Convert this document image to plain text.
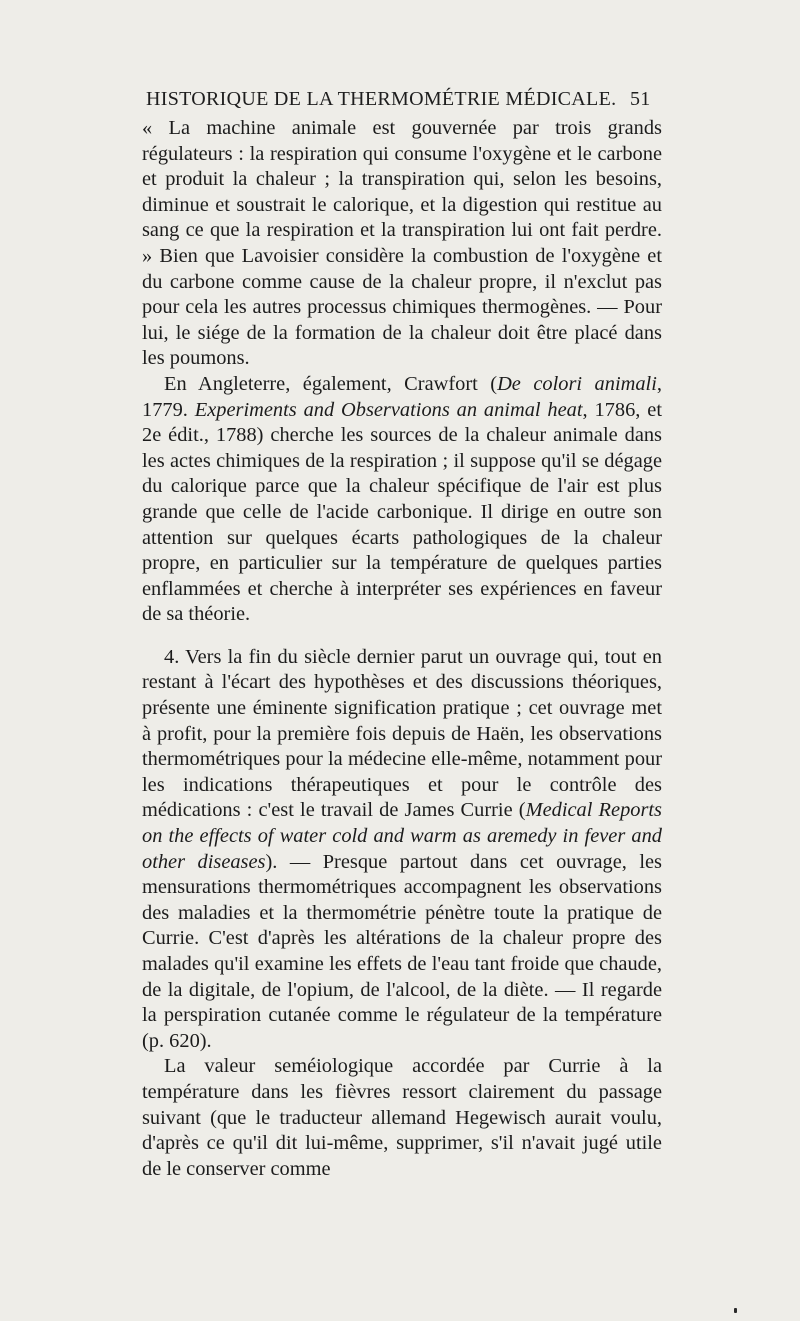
HISTORIQUE DE LA THERMOMÉTRIE MÉDICALE. 51

« La machine animale est gouvernée par trois grands régulateurs : la respiration qui consume l'oxygène et le carbone et produit la chaleur ; la transpiration qui, selon les besoins, diminue et soustrait le calorique, et la digestion qui restitue au sang ce que la respiration et la transpiration lui ont fait perdre. » Bien que Lavoisier considère la combustion de l'oxygène et du carbone comme cause de la chaleur propre, il n'exclut pas pour cela les autres processus chimiques thermogènes. — Pour lui, le siége de la formation de la chaleur doit être placé dans les poumons.

En Angleterre, également, Crawfort (De colori animali, 1779. Experiments and Observations an animal heat, 1786, et 2e édit., 1788) cherche les sources de la chaleur animale dans les actes chimiques de la respiration ; il suppose qu'il se dégage du calorique parce que la chaleur spécifique de l'air est plus grande que celle de l'acide carbonique. Il dirige en outre son attention sur quelques écarts pathologiques de la chaleur propre, en particulier sur la température de quelques parties enflammées et cherche à interpréter ses expériences en faveur de sa théorie.

4. Vers la fin du siècle dernier parut un ouvrage qui, tout en restant à l'écart des hypothèses et des discussions théoriques, présente une éminente signification pratique ; cet ouvrage met à profit, pour la première fois depuis de Haën, les observations thermométriques pour la médecine elle-même, notamment pour les indications thérapeutiques et pour le contrôle des médications : c'est le travail de James Currie (Medical Reports on the effects of water cold and warm as aremedy in fever and other diseases). — Presque partout dans cet ouvrage, les mensurations thermométriques accompagnent les observations des maladies et la thermométrie pénètre toute la pratique de Currie. C'est d'après les altérations de la chaleur propre des malades qu'il examine les effets de l'eau tant froide que chaude, de la digitale, de l'opium, de l'alcool, de la diète. — Il regarde la perspiration cutanée comme le régulateur de la température (p. 620).

La valeur seméiologique accordée par Currie à la température dans les fièvres ressort clairement du passage suivant (que le traducteur allemand Hegewisch aurait voulu, d'après ce qu'il dit lui-même, supprimer, s'il n'avait jugé utile de le conserver comme
